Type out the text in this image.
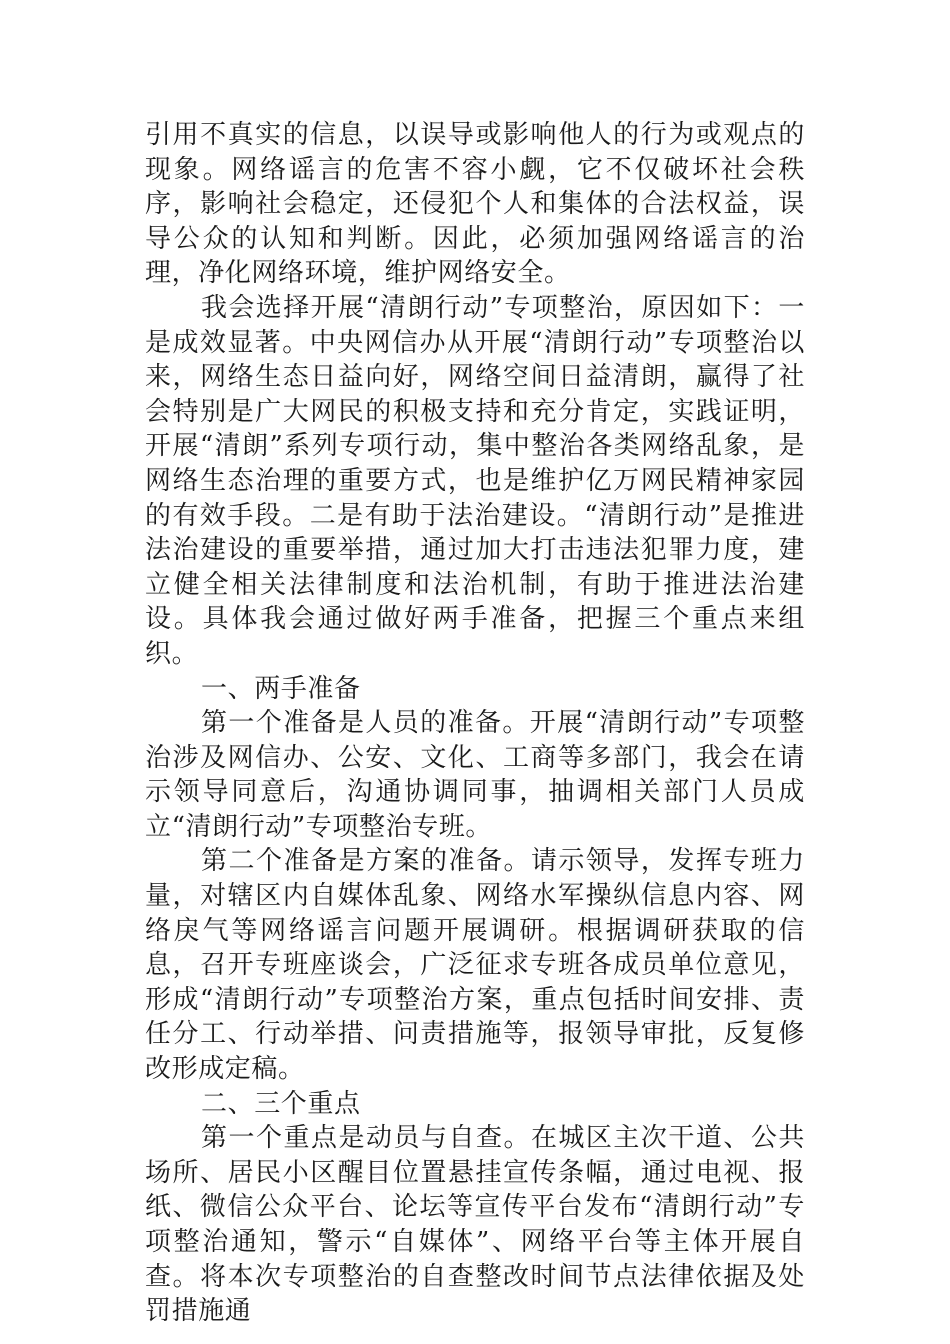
引用不真实的信息，以误导或影响他人的行为或观点的现象。网络谣言的危害不容小觑，它不仅破坏社会秩序，影响社会稳定，还侵犯个人和集体的合法权益，误导公众的认知和判断。因此，必须加强网络谣言的治理，净化网络环境，维护网络安全。

我会选择开展“清朗行动”专项整治，原因如下：一是成效显著。中央网信办从开展“清朗行动”专项整治以来，网络生态日益向好，网络空间日益清朗，赢得了社会特别是广大网民的积极支持和充分肯定，实践证明，开展“清朗”系列专项行动，集中整治各类网络乱象，是网络生态治理的重要方式，也是维护亿万网民精神家园的有效手段。二是有助于法治建设。“清朗行动”是推进法治建设的重要举措，通过加大打击违法犯罪力度，建立健全相关法律制度和法治机制，有助于推进法治建设。具体我会通过做好两手准备，把握三个重点来组织。

一、两手准备

第一个准备是人员的准备。开展“清朗行动”专项整治涉及网信办、公安、文化、工商等多部门，我会在请示领导同意后，沟通协调同事，抽调相关部门人员成立“清朗行动”专项整治专班。

第二个准备是方案的准备。请示领导，发挥专班力量，对辖区内自媒体乱象、网络水军操纵信息内容、网络戾气等网络谣言问题开展调研。根据调研获取的信息，召开专班座谈会，广泛征求专班各成员单位意见，形成“清朗行动”专项整治方案，重点包括时间安排、责任分工、行动举措、问责措施等，报领导审批，反复修改形成定稿。

二、三个重点

第一个重点是动员与自查。在城区主次干道、公共场所、居民小区醒目位置悬挂宣传条幅，通过电视、报纸、微信公众平台、论坛等宣传平台发布“清朗行动”专项整治通知，警示“自媒体”、网络平台等主体开展自查。将本次专项整治的自查整改时间节点法律依据及处罚措施通
